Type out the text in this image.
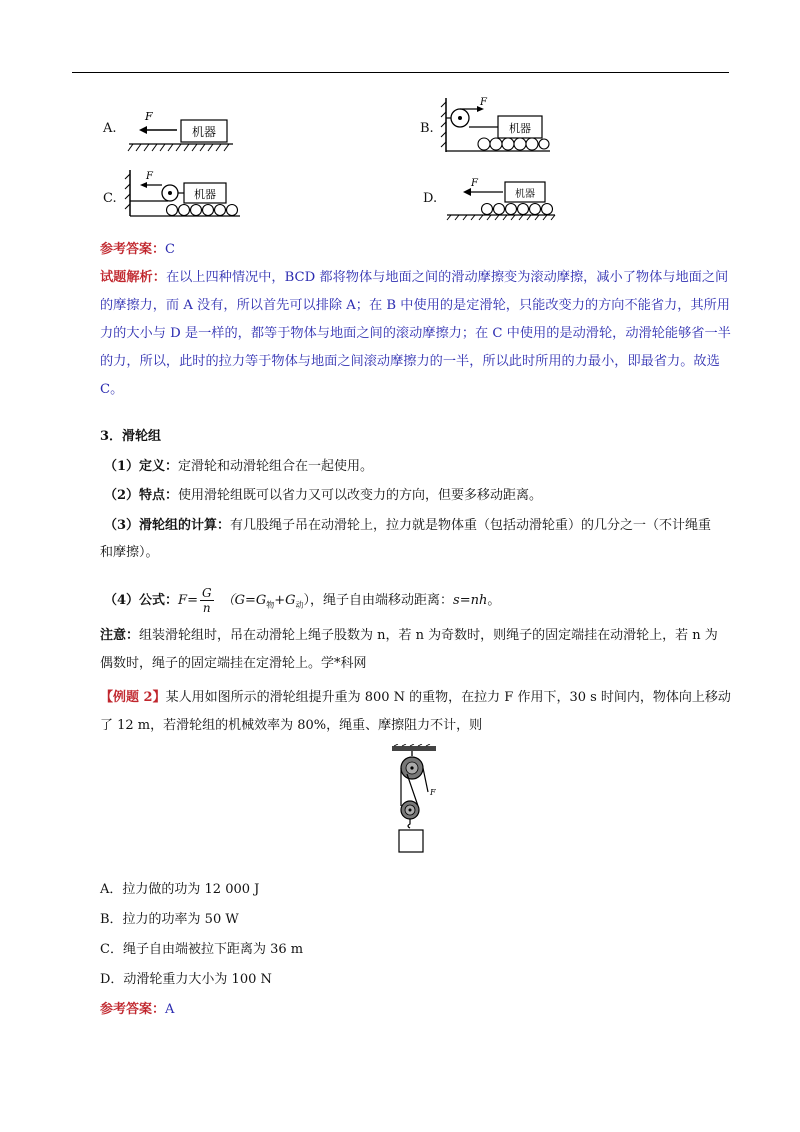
A.
F
机器	B.
F
机器
C.
F
机器	D.
F
机器
参考答案：C
试题解析：在以上四种情况中，BCD 都将物体与地面之间的滑动摩擦变为滚动摩擦，减小了物体与地面之间的摩擦力，而 A 没有，所以首先可以排除 A；在 B 中使用的是定滑轮，只能改变力的方向不能省力，其所用力的大小与 D 是一样的，都等于物体与地面之间的滚动摩擦力；在 C 中使用的是动滑轮，动滑轮能够省一半的力，所以，此时的拉力等于物体与地面之间滚动摩擦力的一半，所以此时所用的力最小，即最省力。故选 C。
3．滑轮组
（1）定义：定滑轮和动滑轮组合在一起使用。
（2）特点：使用滑轮组既可以省力又可以改变力的方向，但要多移动距离。
（3）滑轮组的计算：有几股绳子吊在动滑轮上，拉力就是物体重（包括动滑轮重）的几分之一（不计绳重
和摩擦）。
（4）公式：$F= \frac{G}{n} (G=G_物+G_动)$，绳子自由端移动距离：s=nh。
注意：组装滑轮组时，吊在动滑轮上绳子股数为 n，若 n 为奇数时，则绳子的固定端挂在动滑轮上，若 n 为
偶数时，绳子的固定端挂在定滑轮上。学*科网
【例题 2】某人用如图所示的滑轮组提升重为 800 N 的重物，在拉力 F 作用下，30 s 时间内，物体向上移动
了 12 m，若滑轮组的机械效率为 80%，绳重、摩擦阻力不计，则
F
A．拉力做的功为 12 000 J
B．拉力的功率为 50 W
C．绳子自由端被拉下距离为 36 m
D．动滑轮重力大小为 100 N
参考答案：A
